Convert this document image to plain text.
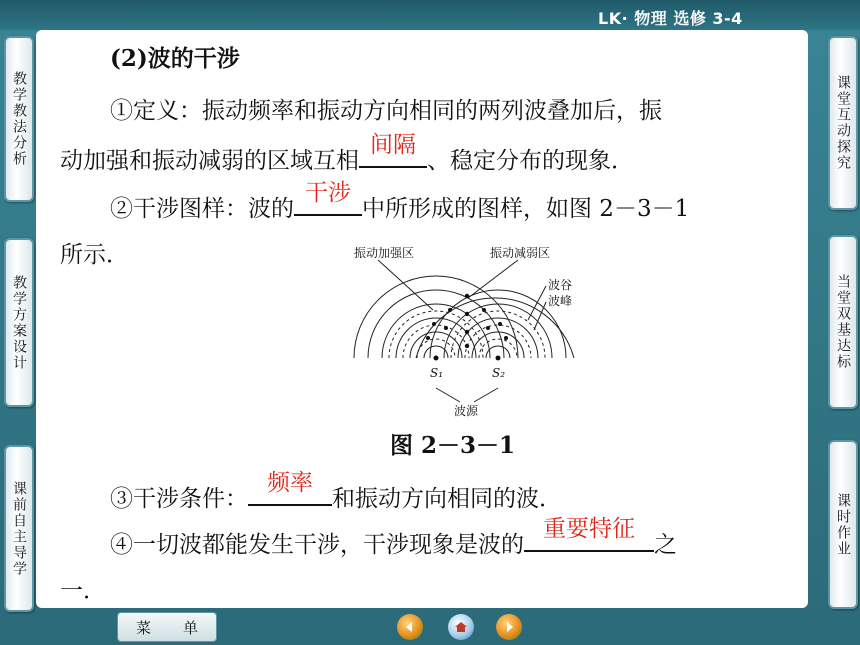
LK· 物理 选修 3-4
教学教法分析
教学方案设计
课前自主导学
课堂互动探究
当堂双基达标
课时作业
(2)波的干涉
①定义：振动频率和振动方向相同的两列波叠加后，振
动加强和振动减弱的区域互相
间隔
、稳定分布的现象．
②干涉图样：波的
干涉
中所形成的图样，如图 2－3－1
所示．	振动加强区	振动减弱区
波谷
波峰
S₁	S₂
波源
图 2－3－1
③干涉条件：
频率
和振动方向相同的波．
④一切波都能发生干涉，干涉现象是波的
重要特征
之
一．
菜 单
